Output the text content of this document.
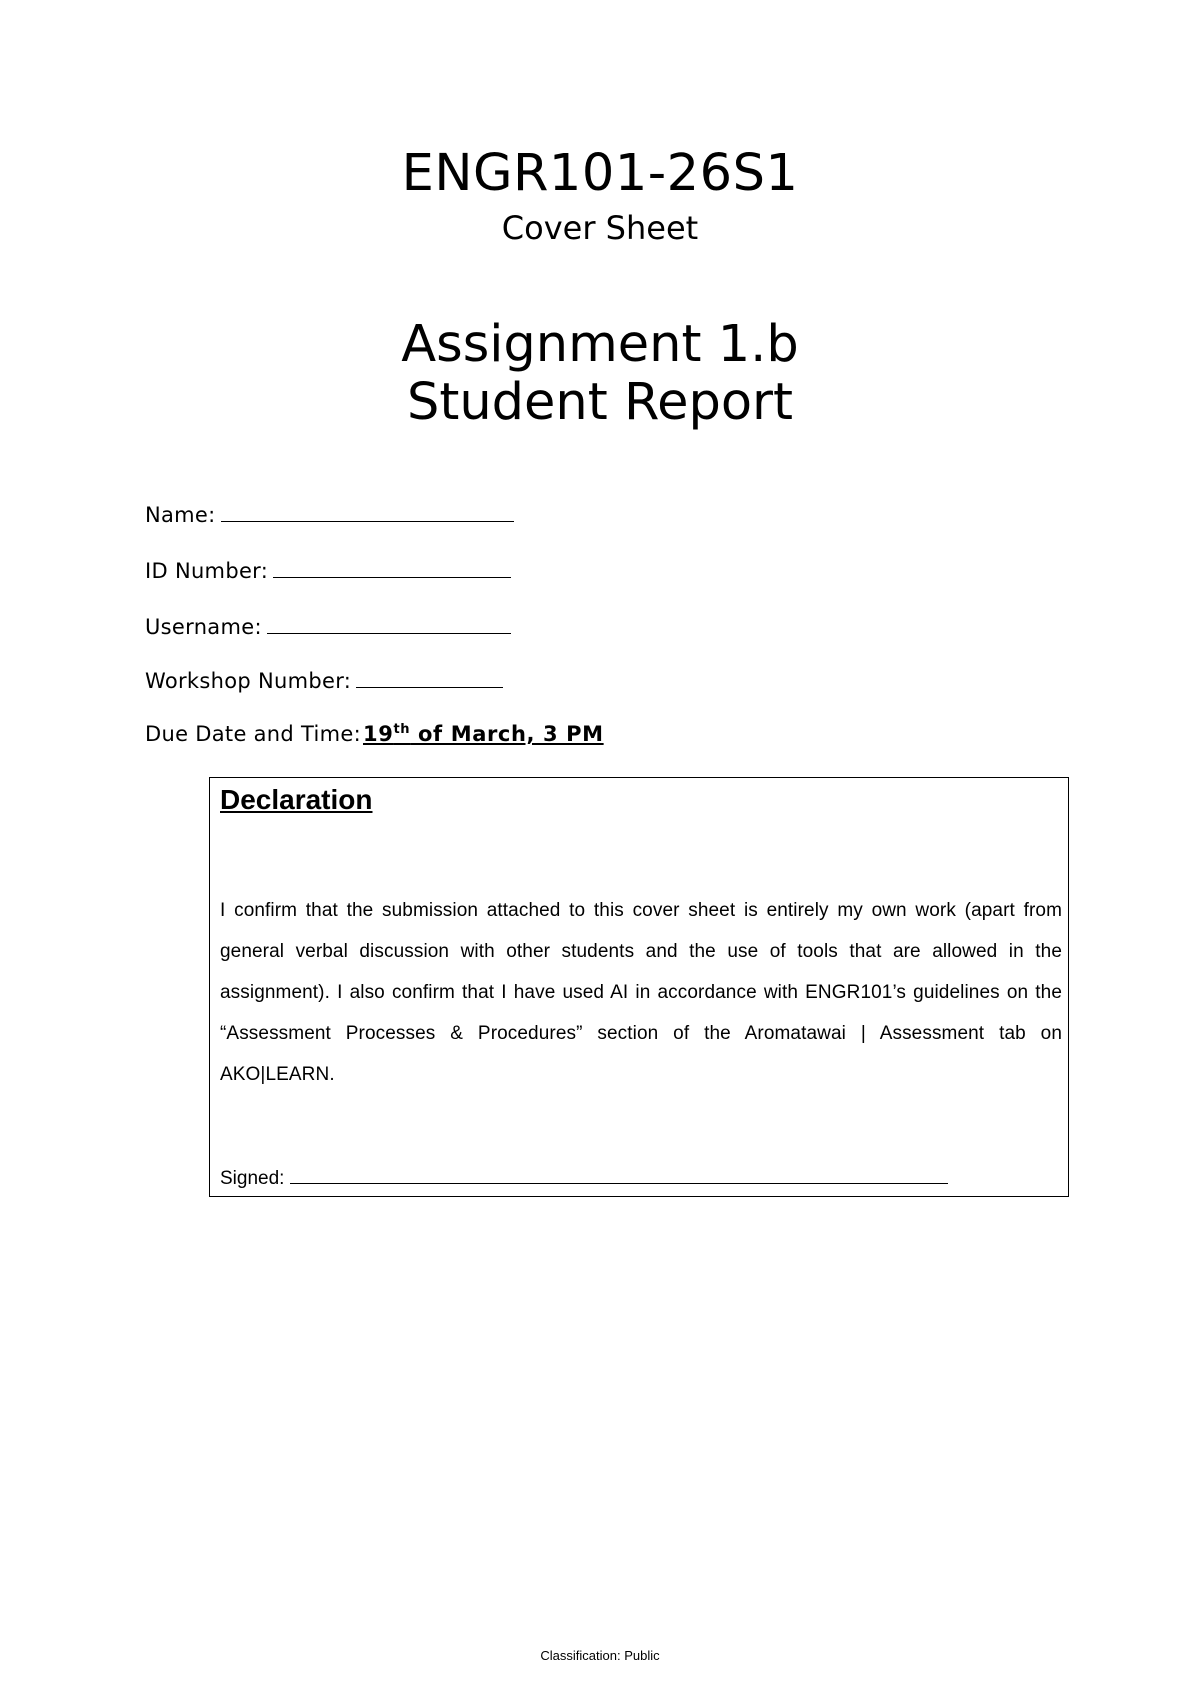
ENGR101-26S1
Cover Sheet
Assignment 1.b
Student Report
Name:
ID Number:
Username:
Workshop Number:
Due Date and Time:19th of March, 3 PM
Declaration
I confirm that the submission attached to this cover sheet is entirely my own work (apart from general verbal discussion with other students and the use of tools that are allowed in the assignment). I also confirm that I have used AI in accordance with ENGR101’s guidelines on the “Assessment Processes & Procedures” section of the Aromatawai | Assessment tab on AKO|LEARN.
Signed:
Classification: Public
